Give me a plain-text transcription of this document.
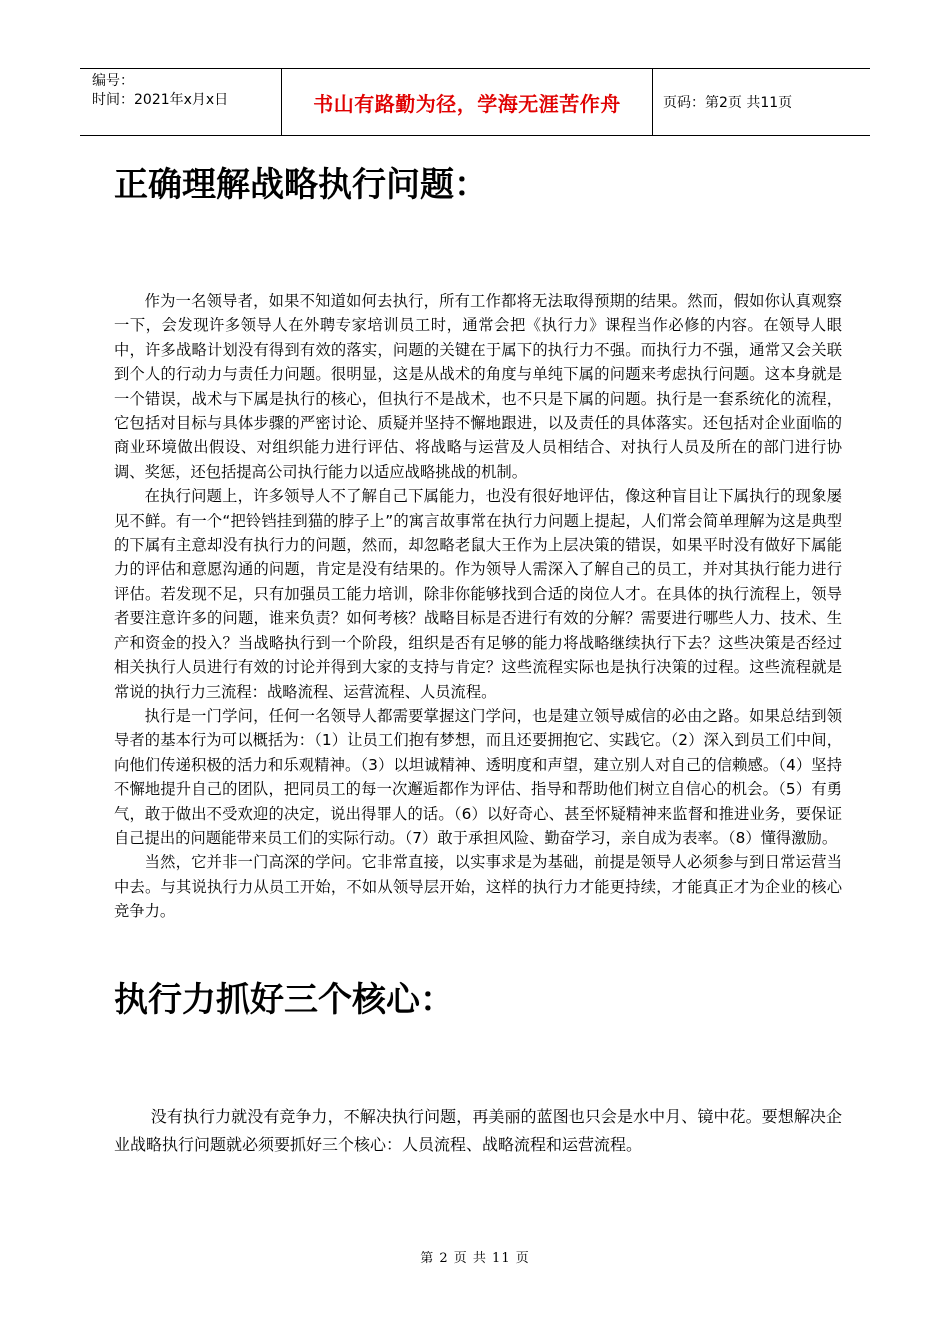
编号：
时间：2021年x月x日	书山有路勤为径，学海无涯苦作舟	页码：第2页 共11页
正确理解战略执行问题：

作为一名领导者，如果不知道如何去执行，所有工作都将无法取得预期的结果。然而，假如你认真观察一下，会发现许多领导人在外聘专家培训员工时，通常会把《执行力》课程当作必修的内容。在领导人眼中，许多战略计划没有得到有效的落实，问题的关键在于属下的执行力不强。而执行力不强，通常又会关联到个人的行动力与责任力问题。很明显，这是从战术的角度与单纯下属的问题来考虑执行问题。这本身就是一个错误，战术与下属是执行的核心，但执行不是战术，也不只是下属的问题。执行是一套系统化的流程，它包括对目标与具体步骤的严密讨论、质疑并坚持不懈地跟进，以及责任的具体落实。还包括对企业面临的商业环境做出假设、对组织能力进行评估、将战略与运营及人员相结合、对执行人员及所在的部门进行协调、奖惩，还包括提高公司执行能力以适应战略挑战的机制。

在执行问题上，许多领导人不了解自己下属能力，也没有很好地评估，像这种盲目让下属执行的现象屡见不鲜。有一个“把铃铛挂到猫的脖子上”的寓言故事常在执行力问题上提起，人们常会简单理解为这是典型的下属有主意却没有执行力的问题，然而，却忽略老鼠大王作为上层决策的错误，如果平时没有做好下属能力的评估和意愿沟通的问题，肯定是没有结果的。作为领导人需深入了解自己的员工，并对其执行能力进行评估。若发现不足，只有加强员工能力培训，除非你能够找到合适的岗位人才。在具体的执行流程上，领导者要注意许多的问题，谁来负责？如何考核？战略目标是否进行有效的分解？需要进行哪些人力、技术、生产和资金的投入？当战略执行到一个阶段，组织是否有足够的能力将战略继续执行下去？这些决策是否经过相关执行人员进行有效的讨论并得到大家的支持与肯定？这些流程实际也是执行决策的过程。这些流程就是常说的执行力三流程：战略流程、运营流程、人员流程。

执行是一门学问，任何一名领导人都需要掌握这门学问，也是建立领导威信的必由之路。如果总结到领导者的基本行为可以概括为：（1）让员工们抱有梦想，而且还要拥抱它、实践它。（2）深入到员工们中间，向他们传递积极的活力和乐观精神。（3）以坦诚精神、透明度和声望，建立别人对自己的信赖感。（4）坚持不懈地提升自己的团队，把同员工的每一次邂逅都作为评估、指导和帮助他们树立自信心的机会。（5）有勇气，敢于做出不受欢迎的决定，说出得罪人的话。（6）以好奇心、甚至怀疑精神来监督和推进业务，要保证自己提出的问题能带来员工们的实际行动。（7）敢于承担风险、勤奋学习，亲自成为表率。（8）懂得激励。

当然，它并非一门高深的学问。它非常直接，以实事求是为基础，前提是领导人必须参与到日常运营当中去。与其说执行力从员工开始，不如从领导层开始，这样的执行力才能更持续，才能真正才为企业的核心竞争力。

执行力抓好三个核心：

没有执行力就没有竞争力，不解决执行问题，再美丽的蓝图也只会是水中月、镜中花。要想解决企业战略执行问题就必须要抓好三个核心：人员流程、战略流程和运营流程。

第 2 页 共 11 页
